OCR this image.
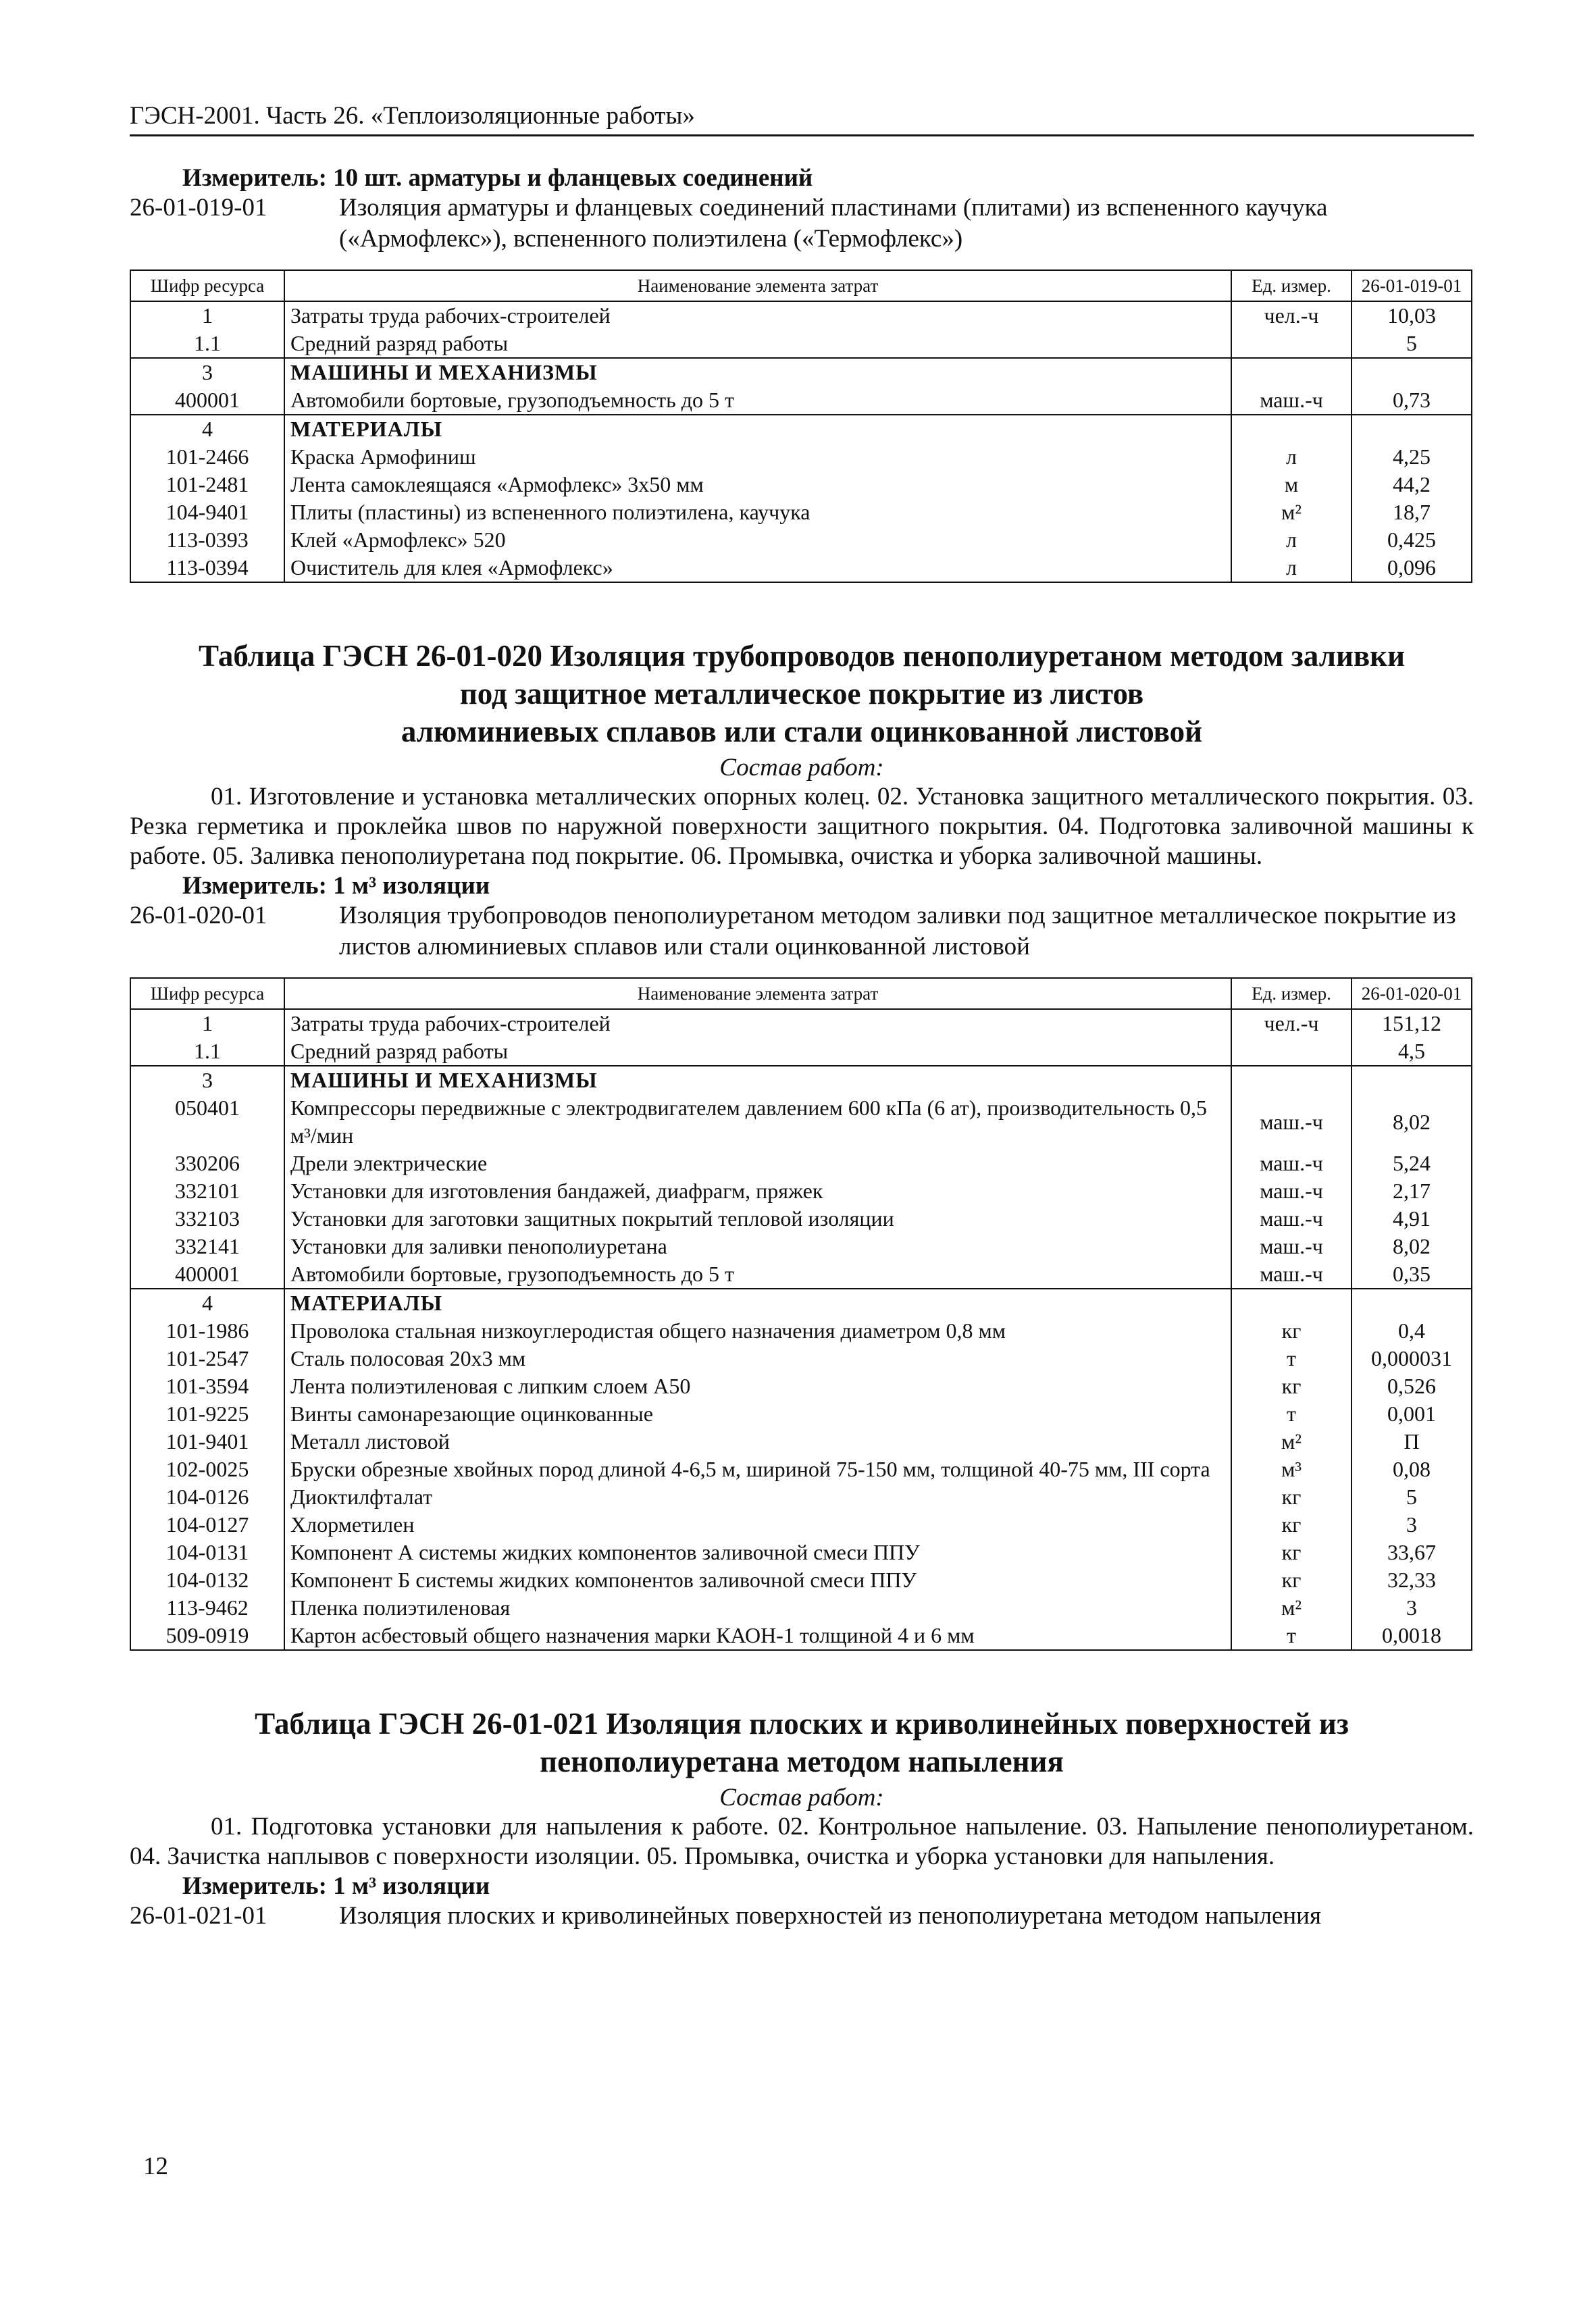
ГЭСН-2001. Часть 26. «Теплоизоляционные работы»
Измеритель: 10 шт. арматуры и фланцевых соединений
26-01-019-01	Изоляция арматуры и фланцевых соединений пластинами (плитами) из вспененного каучука («Армофлекс»), вспененного полиэтилена («Термофлекс»)
Шифр ресурса	Наименование элемента затрат	Ед. измер.	26-01-019-01
1	Затраты труда рабочих-строителей	чел.-ч	10,03
1.1	Средний разряд работы		5
3	МАШИНЫ И МЕХАНИЗМЫ		
400001	Автомобили бортовые, грузоподъемность до 5 т	маш.-ч	0,73
4	МАТЕРИАЛЫ		
101-2466	Краска Армофиниш	л	4,25
101-2481	Лента самоклеящаяся «Армофлекс» 3х50 мм	м	44,2
104-9401	Плиты (пластины) из вспененного полиэтилена, каучука	м²	18,7
113-0393	Клей «Армофлекс» 520	л	0,425
113-0394	Очиститель для клея «Армофлекс»	л	0,096
Таблица ГЭСН 26-01-020 Изоляция трубопроводов пенополиуретаном методом заливки
под защитное металлическое покрытие из листов
алюминиевых сплавов или стали оцинкованной листовой
Состав работ:
01. Изготовление и установка металлических опорных колец. 02. Установка защитного металлического покрытия. 03. Резка герметика и проклейка швов по наружной поверхности защитного покрытия. 04. Подготовка заливочной машины к работе. 05. Заливка пенополиуретана под покрытие. 06. Промывка, очистка и уборка заливочной машины.
Измеритель: 1 м³ изоляции
26-01-020-01	Изоляция трубопроводов пенополиуретаном методом заливки под защитное металлическое покрытие из листов алюминиевых сплавов или стали оцинкованной листовой
Шифр ресурса	Наименование элемента затрат	Ед. измер.	26-01-020-01
1	Затраты труда рабочих-строителей	чел.-ч	151,12
1.1	Средний разряд работы		4,5
3	МАШИНЫ И МЕХАНИЗМЫ		
050401	Компрессоры передвижные с электродвигателем давлением 600 кПа (6 ат), производительность 0,5 м³/мин	маш.-ч	8,02
330206	Дрели электрические	маш.-ч	5,24
332101	Установки для изготовления бандажей, диафрагм, пряжек	маш.-ч	2,17
332103	Установки для заготовки защитных покрытий тепловой изоляции	маш.-ч	4,91
332141	Установки для заливки пенополиуретана	маш.-ч	8,02
400001	Автомобили бортовые, грузоподъемность до 5 т	маш.-ч	0,35
4	МАТЕРИАЛЫ		
101-1986	Проволока стальная низкоуглеродистая общего назначения диаметром 0,8 мм	кг	0,4
101-2547	Сталь полосовая 20х3 мм	т	0,000031
101-3594	Лента полиэтиленовая с липким слоем А50	кг	0,526
101-9225	Винты самонарезающие оцинкованные	т	0,001
101-9401	Металл листовой	м²	П
102-0025	Бруски обрезные хвойных пород длиной 4-6,5 м, шириной 75-150 мм, толщиной 40-75 мм, III сорта	м³	0,08
104-0126	Диоктилфталат	кг	5
104-0127	Хлорметилен	кг	3
104-0131	Компонент А системы жидких компонентов заливочной смеси ППУ	кг	33,67
104-0132	Компонент Б системы жидких компонентов заливочной смеси ППУ	кг	32,33
113-9462	Пленка полиэтиленовая	м²	3
509-0919	Картон асбестовый общего назначения марки КАОН-1 толщиной 4 и 6 мм	т	0,0018
Таблица ГЭСН 26-01-021 Изоляция плоских и криволинейных поверхностей из
пенополиуретана методом напыления
Состав работ:
01. Подготовка установки для напыления к работе. 02. Контрольное напыление. 03. Напыление пенополиуретаном. 04. Зачистка наплывов с поверхности изоляции. 05. Промывка, очистка и уборка установки для напыления.
Измеритель: 1 м³ изоляции
26-01-021-01	Изоляция плоских и криволинейных поверхностей из пенополиуретана методом напыления
12
